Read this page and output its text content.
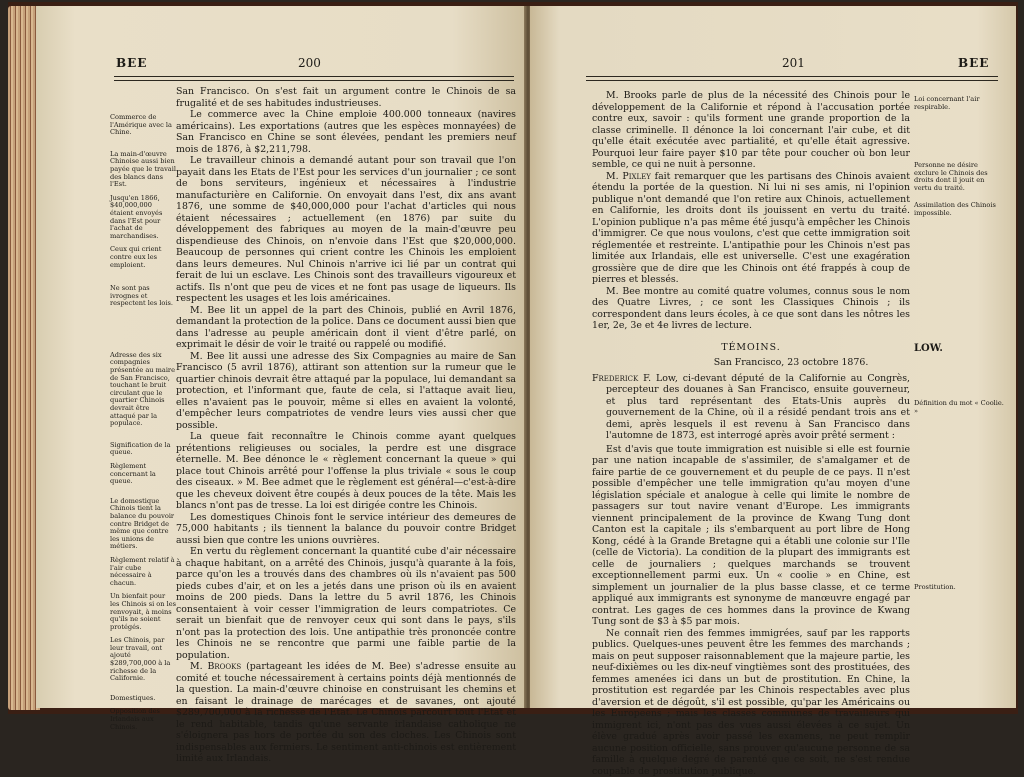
BEE	200
Commerce de l'Amérique avec la Chine.
La main-d'œuvre Chinoise aussi bien payée que le travail des blancs dans l'Est.
Jusqu'en 1866, $40,000,000 étaient envoyés dans l'Est pour l'achat de marchandises.
Ceux qui crient contre eux les emploient.
Ne sont pas ivrognes et respectent les lois.
Adresse des six compagnies présentée au maire de San Francisco, touchant le bruit circulant que le quartier Chinois devrait être attaqué par la populace.
Signification de la queue.
Règlement concernant la queue.
Le domestique Chinois tient la balance du pouvoir contre Bridget de même que contre les unions de métiers.
Règlement relatif à l'air cube nécessaire à chacun.
Un bienfait pour les Chinois si on les renvoyait, à moins qu'ils ne soient protégés.
Les Chinois, par leur travail, ont ajouté $289,700,000 à la richesse de la Californie.
Domestiques.
Opposition des Irlandais aux Chinois.

San Francisco. On s'est fait un argument contre le Chinois de sa frugalité et de ses habitudes industrieuses.

Le commerce avec la Chine emploie 400.000 tonneaux (navires américains). Les exportations (autres que les espèces monnayées) de San Francisco en Chine se sont élevées, pendant les premiers neuf mois de 1876, à $2,211,798.

Le travailleur chinois a demandé autant pour son travail que l'on payait dans les Etats de l'Est pour les services d'un journalier ; ce sont de bons serviteurs, ingénieux et nécessaires à l'industrie manufacturière en Californie. On envoyait dans l'est, dix ans avant 1876, une somme de $40,000,000 pour l'achat d'articles qui nous étaient nécessaires ; actuellement (en 1876) par suite du développement des fabriques au moyen de la main-d'œuvre peu dispendieuse des Chinois, on n'envoie dans l'Est que $20,000,000. Beaucoup de personnes qui crient contre les Chinois les emploient dans leurs demeures. Nul Chinois n'arrive ici lié par un contrat qui ferait de lui un esclave. Les Chinois sont des travailleurs vigoureux et actifs. Ils n'ont que peu de vices et ne font pas usage de liqueurs. Ils respectent les usages et les lois américaines.

M. Bee lit un appel de la part des Chinois, publié en Avril 1876, demandant la protection de la police. Dans ce document aussi bien que dans l'adresse au peuple américain dont il vient d'être parlé, on exprimait le désir de voir le traité ou rappelé ou modifié.

M. Bee lit aussi une adresse des Six Compagnies au maire de San Francisco (5 avril 1876), attirant son attention sur la rumeur que le quartier chinois devrait être attaqué par la populace, lui demandant sa protection, et l'informant que, faute de cela, si l'attaque avait lieu, elles n'avaient pas le pouvoir, même si elles en avaient la volonté, d'empêcher leurs compatriotes de vendre leurs vies aussi cher que possible.

La queue fait reconnaître le Chinois comme ayant quelques prétentions religieuses ou sociales, la perdre est une disgrace éternelle. M. Bee dénonce le « règlement concernant la queue » qui place tout Chinois arrêté pour l'offense la plus triviale « sous le coup des ciseaux. » M. Bee admet que le règlement est général—c'est-à-dire que les cheveux doivent être coupés à deux pouces de la tête. Mais les blancs n'ont pas de tresse. La loi est dirigée contre les Chinois.

Les domestiques Chinois font le service intérieur des demeures de 75,000 habitants ; ils tiennent la balance du pouvoir contre Bridget aussi bien que contre les unions ouvrières.

En vertu du règlement concernant la quantité cube d'air nécessaire à chaque habitant, on a arrêté des Chinois, jusqu'à quarante à la fois, parce qu'on les a trouvés dans des chambres où ils n'avaient pas 500 pieds cubes d'air, et on les a jetés dans une prison où ils en avaient moins de 200 pieds. Dans la lettre du 5 avril 1876, les Chinois consentaient à voir cesser l'immigration de leurs compatriotes. Ce serait un bienfait que de renvoyer ceux qui sont dans le pays, s'ils n'ont pas la protection des lois. Une antipathie très prononcée contre les Chinois ne se rencontre que parmi une faible partie de la population.

M. Brooks (partageant les idées de M. Bee) s'adresse ensuite au comité et touche nécessairement à certains points déjà mentionnés de la question. La main-d'œuvre chinoise en construisant les chemins et en faisant le drainage de marécages et de savanes, ont ajouté $289,700,000 à la richesse de l'Etat. Le Chinois parcourt tout l'Etat et le rend habitable, tandis qu'une servante irlandaise catholique ne s'éloignera pas hors de portée du son des cloches. Les Chinois sont indispensables aux fermiers. Le sentiment anti-chinois est entièrement limité aux Irlandais.

201	BEE

M. Brooks parle de plus de la nécessité des Chinois pour le développement de la Californie et répond à l'accusation portée contre eux, savoir : qu'ils forment une grande proportion de la classe criminelle. Il dénonce la loi concernant l'air cube, et dit qu'elle était exécutée avec partialité, et qu'elle était agressive. Pourquoi leur faire payer $10 par tête pour coucher où bon leur semble, ce qui ne nuit à personne.

M. Pixley fait remarquer que les partisans des Chinois avaient étendu la portée de la question. Ni lui ni ses amis, ni l'opinion publique n'ont demandé que l'on retire aux Chinois, actuellement en Californie, les droits dont ils jouissent en vertu du traité. L'opinion publique n'a pas même été jusqu'à empêcher les Chinois d'immigrer. Ce que nous voulons, c'est que cette immigration soit réglementée et restreinte. L'antipathie pour les Chinois n'est pas limitée aux Irlandais, elle est universelle. C'est une exagération grossière que de dire que les Chinois ont été frappés à coup de pierres et blessés.

M. Bee montre au comité quatre volumes, connus sous le nom des Quatre Livres, ; ce sont les Classiques Chinois ; ils correspondent dans leurs écoles, à ce que sont dans les nôtres les 1er, 2e, 3e et 4e livres de lecture.

TÉMOINS.

San Francisco, 23 octobre 1876.

Frederick F. Low, ci-devant député de la Californie au Congrès, percepteur des douanes à San Francisco, ensuite gouverneur, et plus tard représentant des Etats-Unis auprès du gouvernement de la Chine, où il a résidé pendant trois ans et demi, après lesquels il est revenu à San Francisco dans l'automne de 1873, est interrogé après avoir prêté serment :

Est d'avis que toute immigration est nuisible si elle est fournie par une nation incapable de s'assimiler, de s'amalgamer et de faire partie de ce gouvernement et du peuple de ce pays. Il n'est possible d'empêcher une telle immigration qu'au moyen d'une législation spéciale et analogue à celle qui limite le nombre de passagers sur tout navire venant d'Europe. Les immigrants viennent principalement de la province de Kwang Tung dont Canton est la capitale ; ils s'embarquent au port libre de Hong Kong, cédé à la Grande Bretagne qui a établi une colonie sur l'Ile (celle de Victoria). La condition de la plupart des immigrants est celle de journaliers ; quelques marchands se trouvent exceptionnellement parmi eux. Un « coolie » en Chine, est simplement un journalier de la plus basse classe, et ce terme appliqué aux immigrants est synonyme de manœuvre engagé par contrat. Les gages de ces hommes dans la province de Kwang Tung sont de $3 à $5 par mois.

Ne connaît rien des femmes immigrées, sauf par les rapports publics. Quelques-unes peuvent être les femmes des marchands ; mais on peut supposer raisonnablement que la majeure partie, les neuf-dixièmes ou les dix-neuf vingtièmes sont des prostituées, des femmes amenées ici dans un but de prostitution. En Chine, la prostitution est regardée par les Chinois respectables avec plus d'aversion et de dégoût, s'il est possible, qu'par les Américains ou les Européens ; mais les classes communes de travailleurs qui immigrent ici, n'ont pas des vues aussi élevées à ce sujet. Un élève gradué après avoir passé les examens, ne peut remplir aucune position officielle, sans prouver qu'aucune personne de sa famille à quelque degré de parenté que ce soit, ne s'est rendue coupable de prostitution publique.

LOW.
Loi concernant l'air respirable.
Personne ne désire exclure le Chinois des droits dont il jouit en vertu du traité.
Assimilation des Chinois impossible.
Définition du mot « Coolie. »
Prostitution.
